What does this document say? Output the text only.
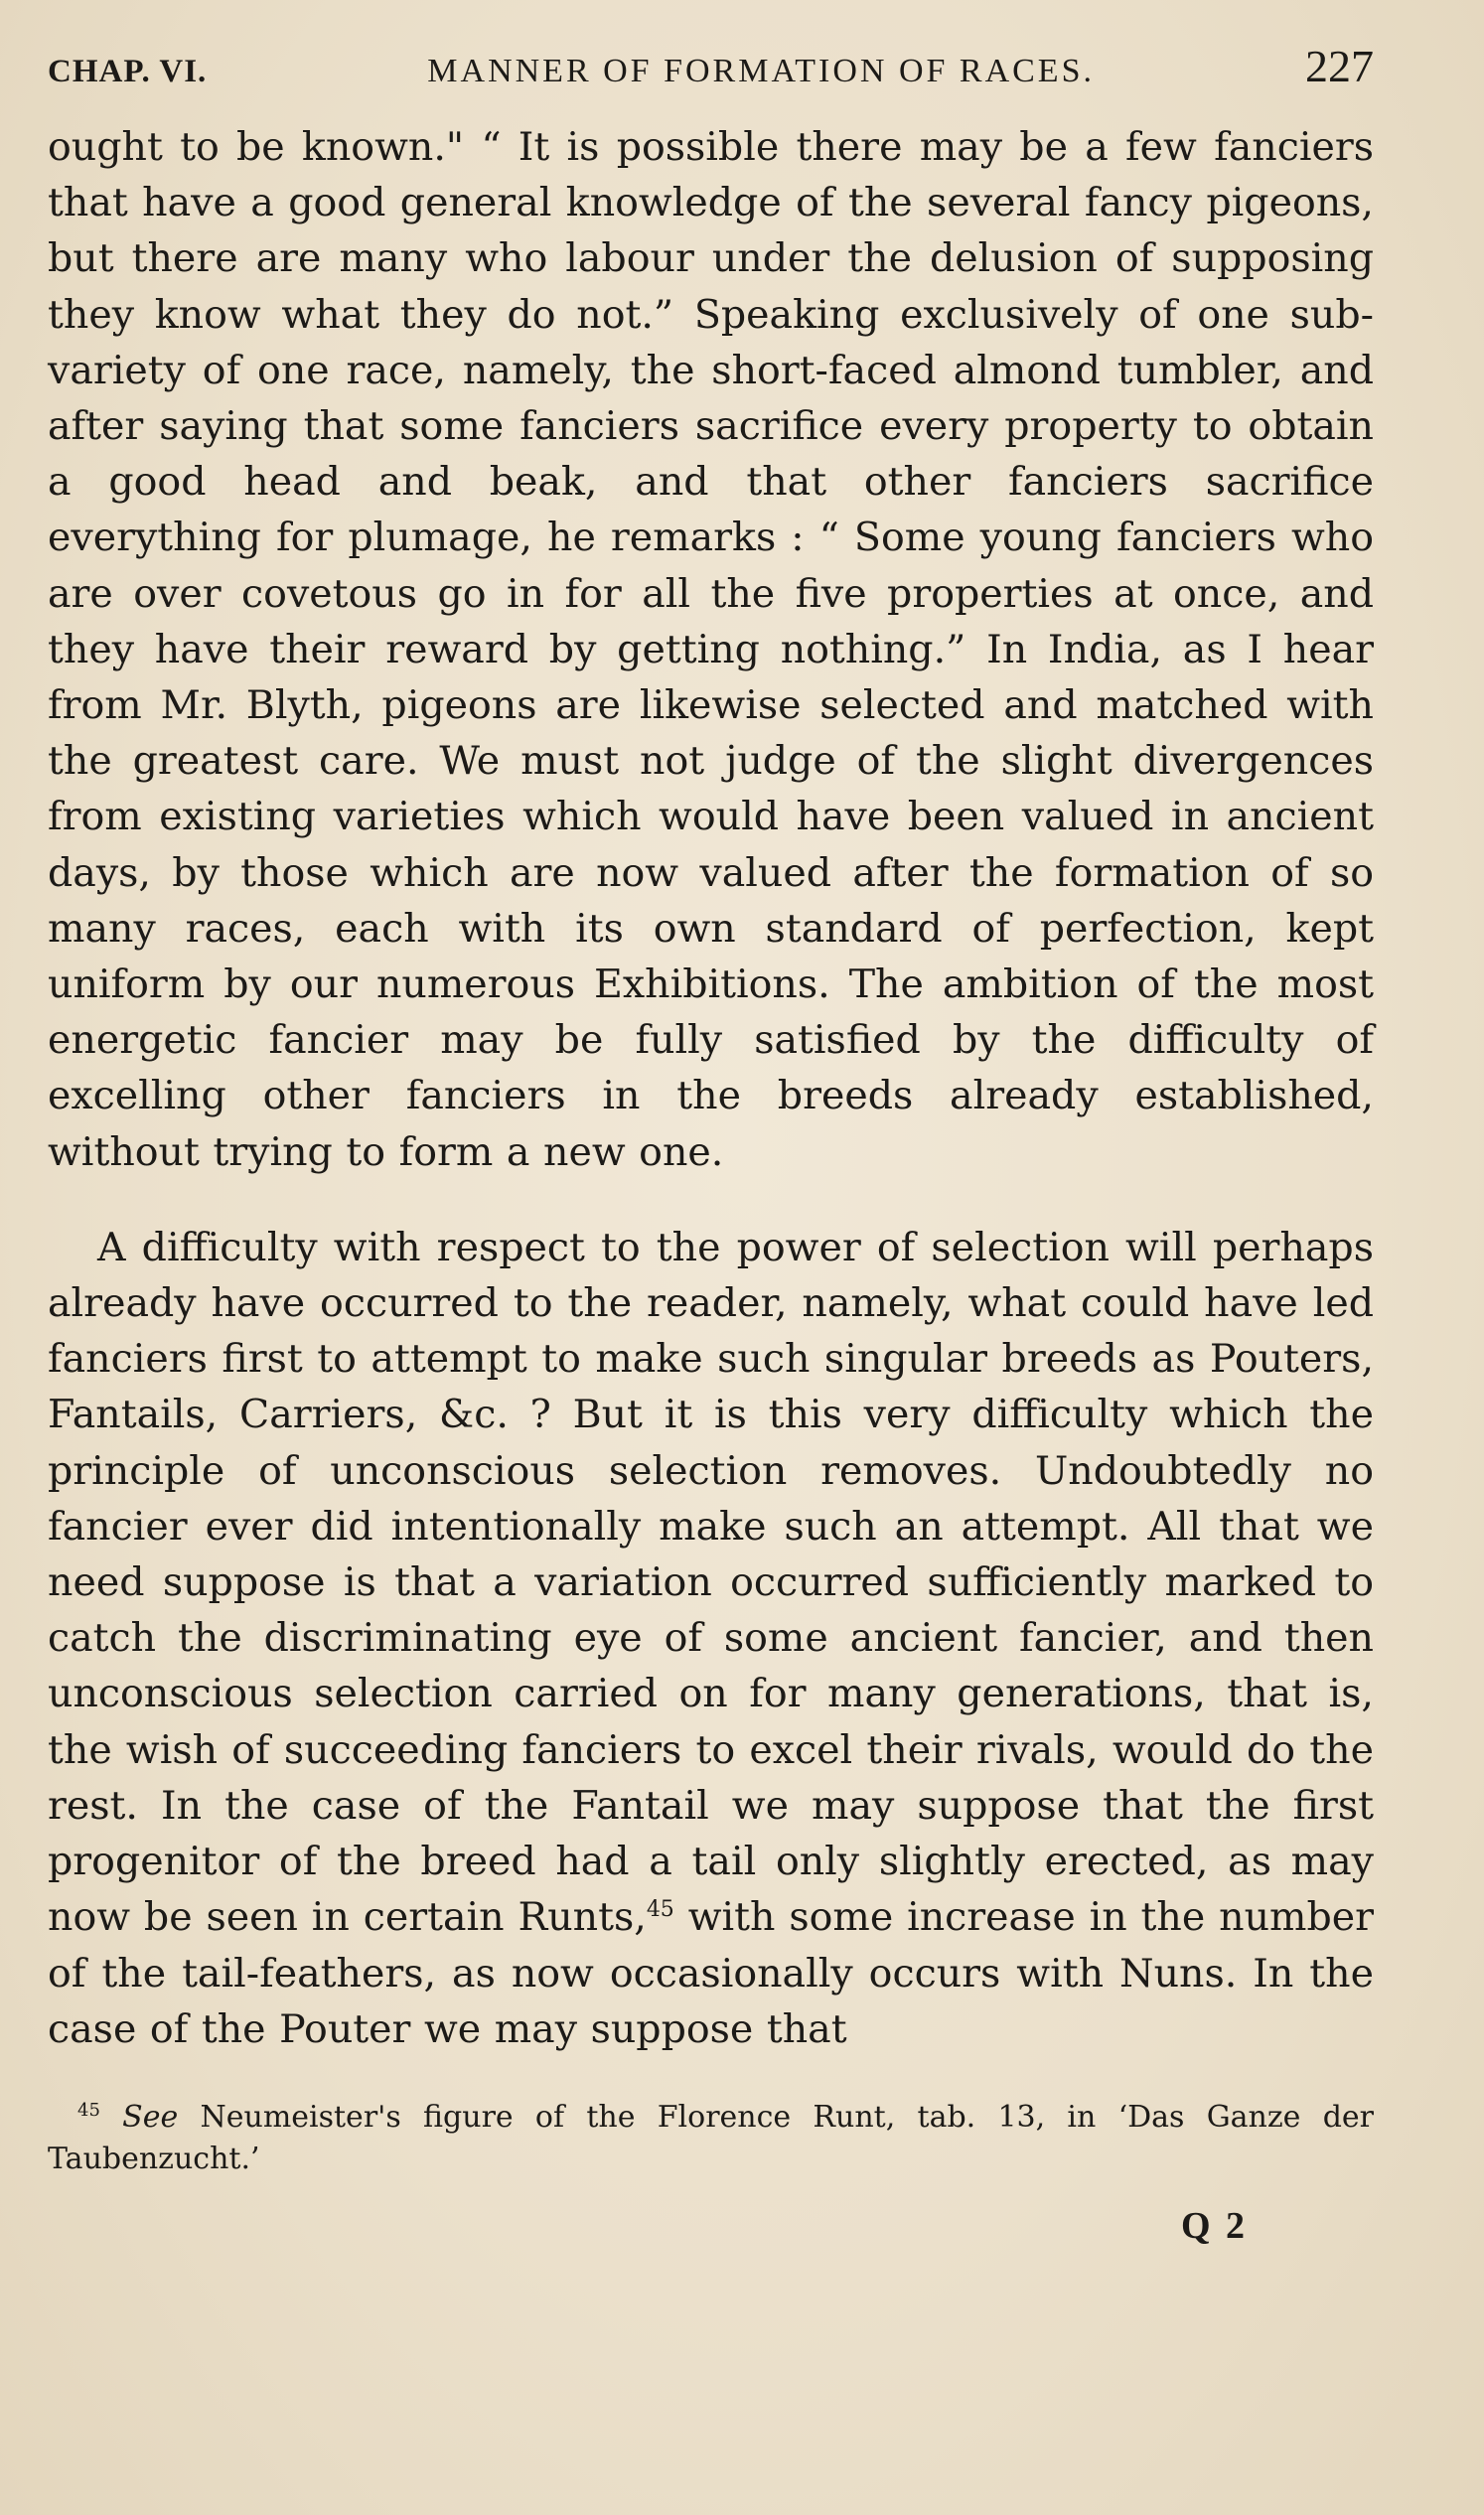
CHAP. VI.	MANNER OF FORMATION OF RACES.	227

ought to be known." “ It is possible there may be a few fanciers that have a good general knowledge of the several fancy pigeons, but there are many who labour under the delusion of supposing they know what they do not.” Speaking exclusively of one sub-variety of one race, namely, the short-faced almond tumbler, and after saying that some fanciers sacrifice every property to obtain a good head and beak, and that other fanciers sacrifice everything for plumage, he remarks : “ Some young fanciers who are over covetous go in for all the five properties at once, and they have their reward by getting nothing.” In India, as I hear from Mr. Blyth, pigeons are likewise selected and matched with the greatest care. We must not judge of the slight divergences from existing varieties which would have been valued in ancient days, by those which are now valued after the formation of so many races, each with its own standard of perfection, kept uniform by our numerous Exhibitions. The ambition of the most energetic fancier may be fully satisfied by the difficulty of excelling other fanciers in the breeds already established, without trying to form a new one.

A difficulty with respect to the power of selection will perhaps already have occurred to the reader, namely, what could have led fanciers first to attempt to make such singular breeds as Pouters, Fantails, Carriers, &c. ? But it is this very difficulty which the principle of unconscious selection removes. Undoubtedly no fancier ever did intentionally make such an attempt. All that we need suppose is that a variation occurred sufficiently marked to catch the discriminating eye of some ancient fancier, and then unconscious selection carried on for many generations, that is, the wish of succeeding fanciers to excel their rivals, would do the rest. In the case of the Fantail we may suppose that the first progenitor of the breed had a tail only slightly erected, as may now be seen in certain Runts,$^{45}$ with some increase in the number of the tail-feathers, as now occasionally occurs with Nuns. In the case of the Pouter we may suppose that

$^{45}$ See Neumeister's figure of the Florence Runt, tab. 13, in ‘Das Ganze der Taubenzucht.’
Q 2
